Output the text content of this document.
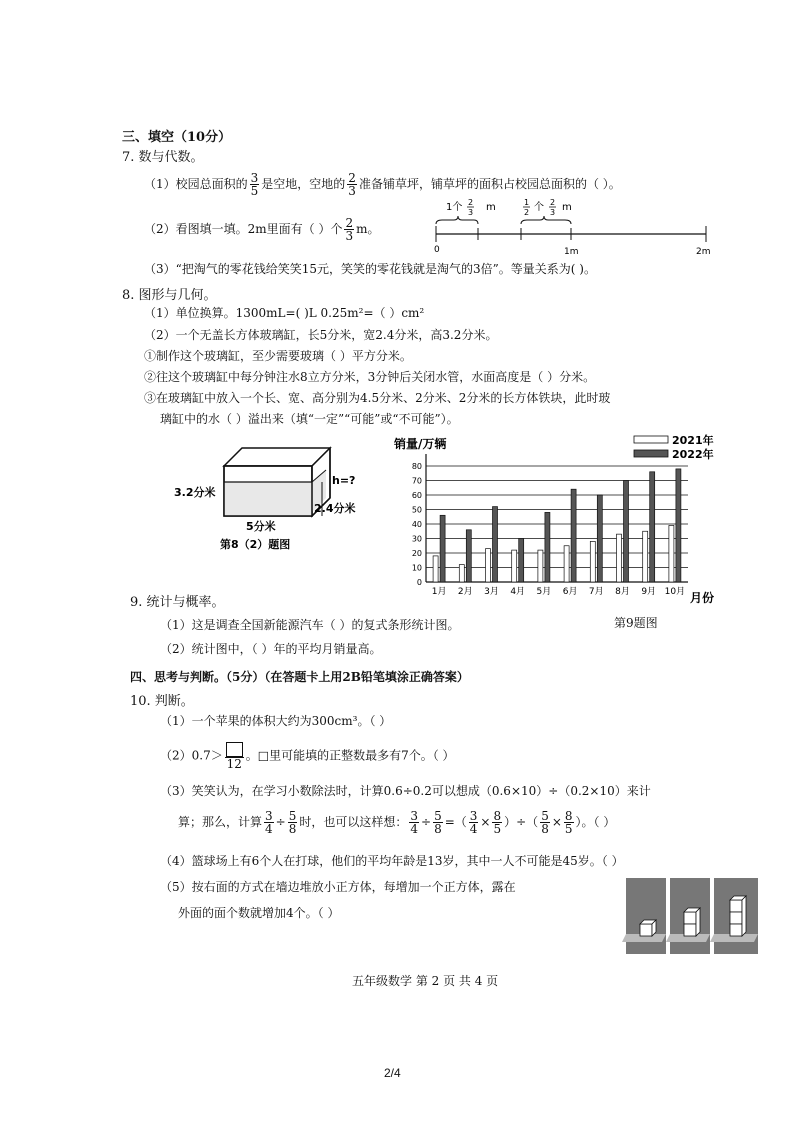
三、填空（10分）
7. 数与代数。
（1）校园总面积的 $\frac{3}{5}$ 是空地，空地的 $\frac{2}{3}$ 准备铺草坪，铺草坪的面积占校园总面积的（ ）。
（2）看图填一填。2m里面有（ ）个 $\frac{2}{3}$ m。
0	1m	2m
1个 2
3 m	1
2 个 2
3 m
（3）“把淘气的零花钱给笑笑15元，笑笑的零花钱就是淘气的3倍”。等量关系为( )。
8. 图形与几何。
（1）单位换算。1300mL=( )L 0.25m²=（ ）cm²
（2）一个无盖长方体玻璃缸，长5分米，宽2.4分米，高3.2分米。
①制作这个玻璃缸，至少需要玻璃（ ）平方分米。
②往这个玻璃缸中每分钟注水8立方分米，3分钟后关闭水管，水面高度是（ ）分米。
③在玻璃缸中放入一个长、宽、高分别为4.5分米、2分米、2分米的长方体铁块，此时玻
璃缸中的水（ ）溢出来（填“一定”“可能”或“不可能”）。
3.2分米
h=?
2.4分米
5分米
第8（2）题图
销量/万辆
月份
0
10
20
30
40
50
60
70
80
1月 2月 3月 4月 5月 6月 7月 8月 9月 10月
2021年
2022年
第9题图
9. 统计与概率。
（1）这是调查全国新能源汽车（ ）的复式条形统计图。
（2）统计图中，（ ）年的平均月销量高。
四、思考与判断。（5分）（在答题卡上用2B铅笔填涂正确答案）
10. 判断。
（1）一个苹果的体积大约为300cm³。（ ）
（2）0.7＞
12
。□里可能填的正整数最多有7个。（ ）
（3）笑笑认为，在学习小数除法时，计算0.6÷0.2可以想成（0.6×10）÷（0.2×10）来计
算；那么，计算 $\frac{3}{4} \div \frac{5}{8}$ 时，也可以这样想： $\frac{3}{4} \div \frac{5}{8}$ =（ $\frac{3}{4} \times \frac{8}{5}$ ）÷（ $\frac{5}{8} \times \frac{8}{5}$ ）。（ ）
（4）篮球场上有6个人在打球，他们的平均年龄是13岁，其中一人不可能是45岁。（ ）
（5）按右面的方式在墙边堆放小正方体，每增加一个正方体，露在
外面的面个数就增加4个。（ ）
五年级数学 第 2 页 共 4 页
2/4
